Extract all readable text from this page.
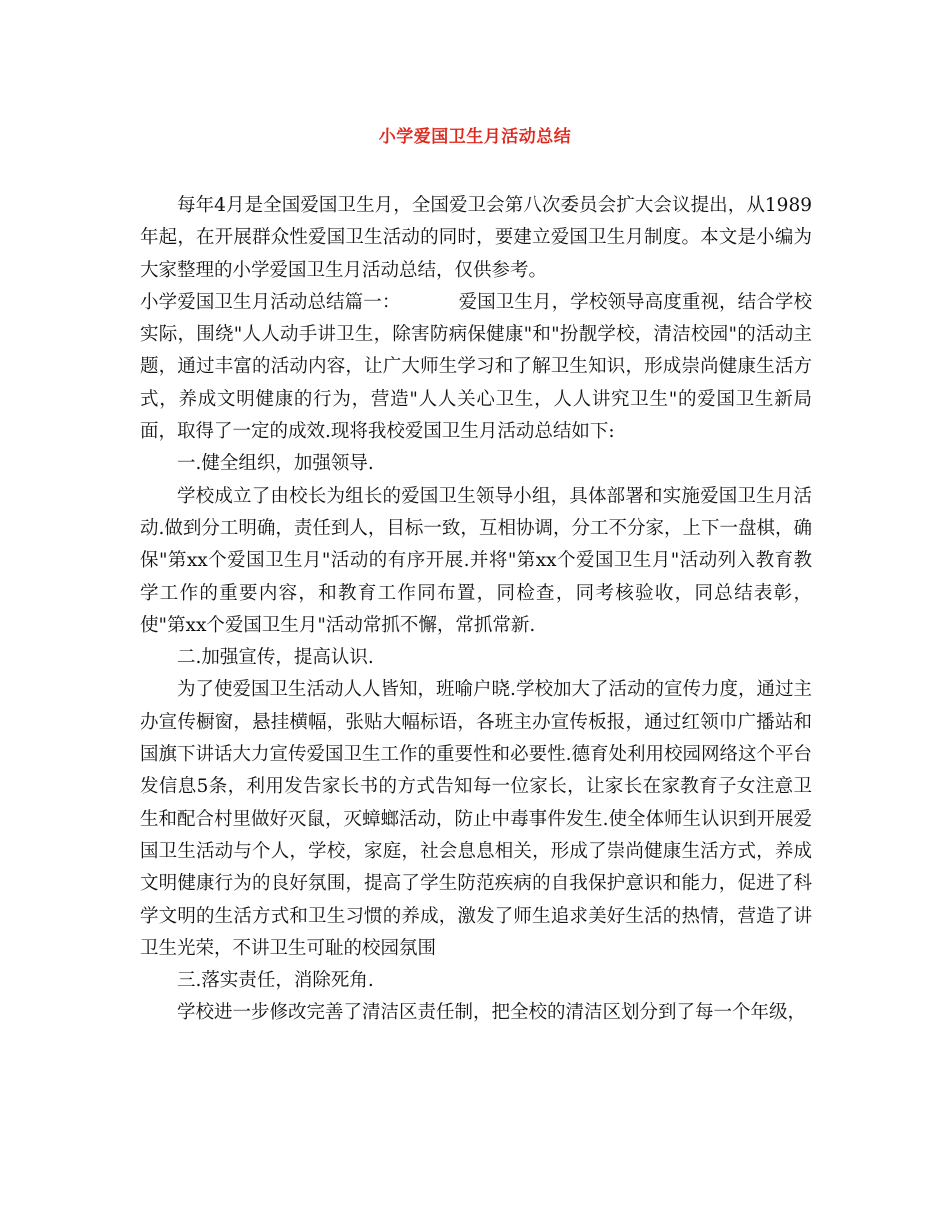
小学爱国卫生月活动总结

每年4月是全国爱国卫生月，全国爱卫会第八次委员会扩大会议提出，从1989年起，在开展群众性爱国卫生活动的同时，要建立爱国卫生月制度。本文是小编为大家整理的小学爱国卫生月活动总结，仅供参考。

小学爱国卫生月活动总结篇一：	爱国卫生月，学校领导高度重视，结合学校实际，围绕"人人动手讲卫生，除害防病保健康"和"扮靓学校，清洁校园"的活动主题，通过丰富的活动内容，让广大师生学习和了解卫生知识，形成崇尚健康生活方式，养成文明健康的行为，营造"人人关心卫生，人人讲究卫生"的爱国卫生新局面，取得了一定的成效.现将我校爱国卫生月活动总结如下:

一.健全组织，加强领导.

学校成立了由校长为组长的爱国卫生领导小组，具体部署和实施爱国卫生月活动.做到分工明确，责任到人，目标一致，互相协调，分工不分家，上下一盘棋，确保"第xx个爱国卫生月"活动的有序开展.并将"第xx个爱国卫生月"活动列入教育教学工作的重要内容，和教育工作同布置，同检查，同考核验收，同总结表彰，使"第xx个爱国卫生月"活动常抓不懈，常抓常新.

二.加强宣传，提高认识.

为了使爱国卫生活动人人皆知，班喻户晓.学校加大了活动的宣传力度，通过主办宣传橱窗，悬挂横幅，张贴大幅标语，各班主办宣传板报，通过红领巾广播站和国旗下讲话大力宣传爱国卫生工作的重要性和必要性.德育处利用校园网络这个平台发信息5条，利用发告家长书的方式告知每一位家长，让家长在家教育子女注意卫生和配合村里做好灭鼠，灭蟑螂活动，防止中毒事件发生.使全体师生认识到开展爱国卫生活动与个人，学校，家庭，社会息息相关，形成了崇尚健康生活方式，养成文明健康行为的良好氛围，提高了学生防范疾病的自我保护意识和能力，促进了科学文明的生活方式和卫生习惯的养成，激发了师生追求美好生活的热情，营造了讲卫生光荣，不讲卫生可耻的校园氛围

三.落实责任，消除死角.

学校进一步修改完善了清洁区责任制，把全校的清洁区划分到了每一个年级，
